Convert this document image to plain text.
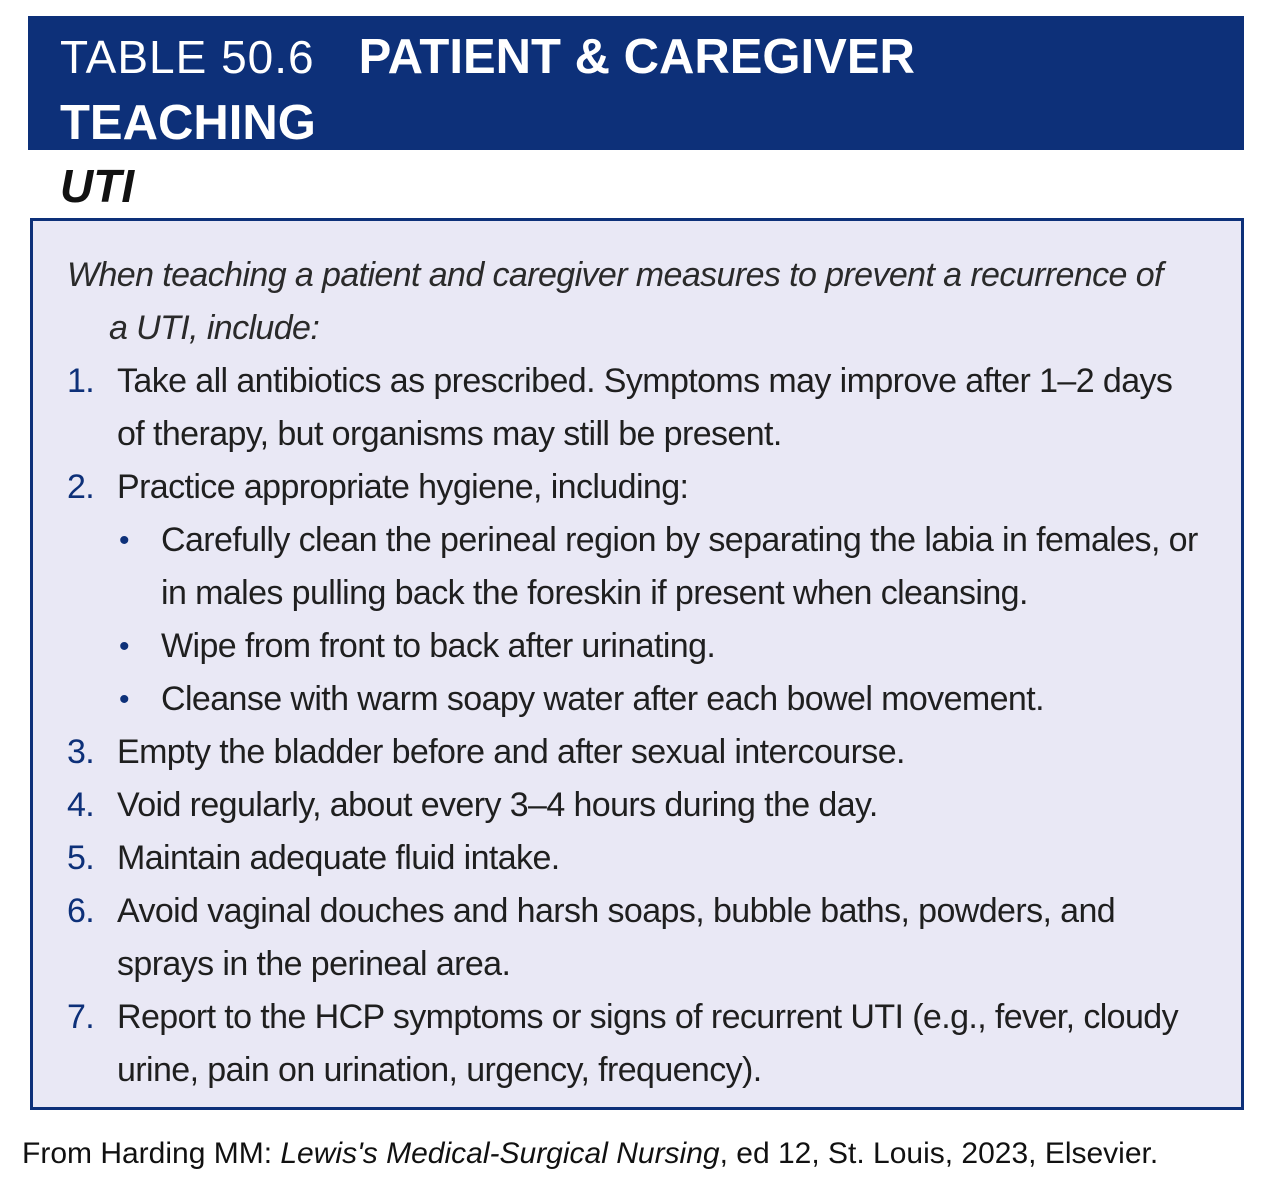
TABLE 50.6 PATIENT & CAREGIVER
TEACHING
UTI
When teaching a patient and caregiver measures to prevent a recurrence of
a UTI, include:
1. Take all antibiotics as prescribed. Symptoms may improve after 1–2 days
of therapy, but organisms may still be present.
2. Practice appropriate hygiene, including:
• Carefully clean the perineal region by separating the labia in females, or
in males pulling back the foreskin if present when cleansing.
• Wipe from front to back after urinating.
• Cleanse with warm soapy water after each bowel movement.
3. Empty the bladder before and after sexual intercourse.
4. Void regularly, about every 3–4 hours during the day.
5. Maintain adequate fluid intake.
6. Avoid vaginal douches and harsh soaps, bubble baths, powders, and
sprays in the perineal area.
7. Report to the HCP symptoms or signs of recurrent UTI (e.g., fever, cloudy
urine, pain on urination, urgency, frequency).
From Harding MM: Lewis's Medical-Surgical Nursing, ed 12, St. Louis, 2023, Elsevier.
